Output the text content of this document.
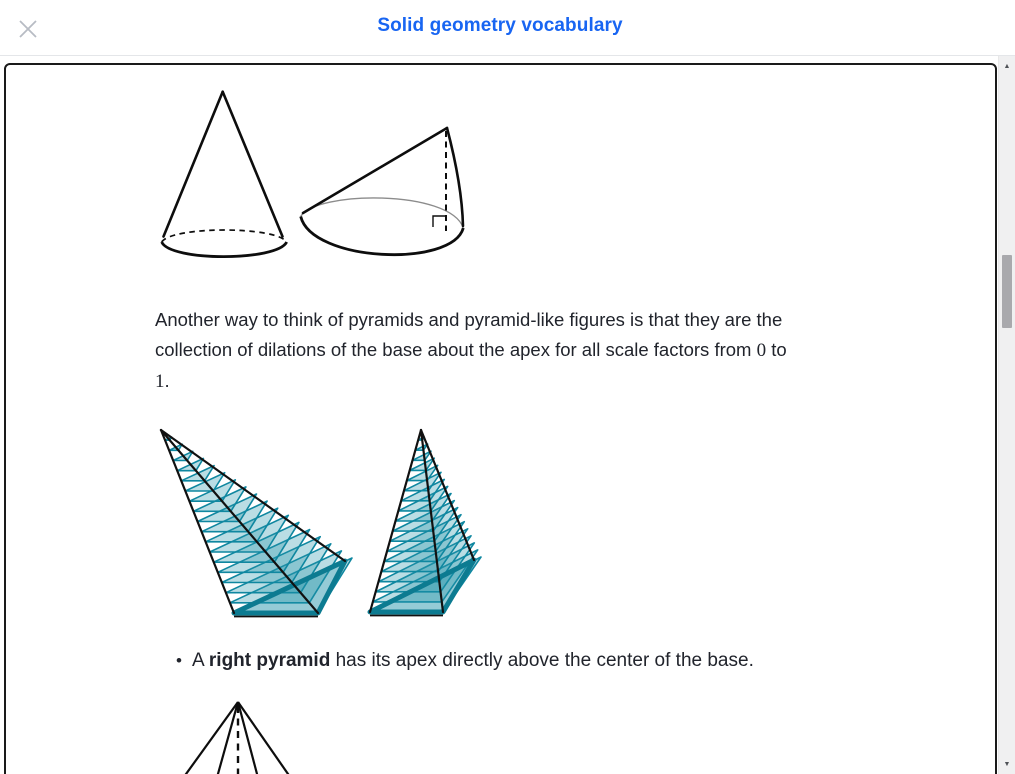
Solid geometry vocabulary
Another way to think of pyramids and pyramid-like figures is that they are the
collection of dilations of the base about the apex for all scale factors from 0 to
1.
• A right pyramid has its apex directly above the center of the base.
▲
▼
